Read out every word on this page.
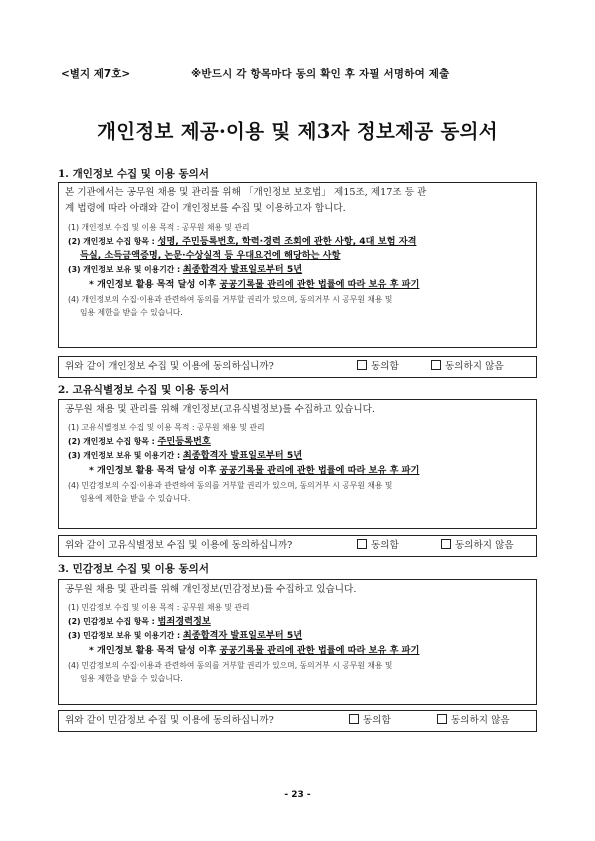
<별지 제7호>	※반드시 각 항목마다 동의 확인 후 자필 서명하여 제출
개인정보 제공·이용 및 제3자 정보제공 동의서
1. 개인정보 수집 및 이용 동의서
본 기관에서는 공무원 채용 및 관리를 위해 「개인정보 보호법」 제15조, 제17조 등 관
계 법령에 따라 아래와 같이 개인정보를 수집 및 이용하고자 합니다.
(1) 개인정보 수집 및 이용 목적 : 공무원 채용 및 관리
(2) 개인정보 수집 항목 : 성명, 주민등록번호, 학력·경력 조회에 관한 사항, 4대 보험 자격
득실, 소득금액증명, 논문·수상실적 등 우대요건에 해당하는 사항
(3) 개인정보 보유 및 이용기간 : 최종합격자 발표일로부터 5년
* 개인정보 활용 목적 달성 이후 공공기록물 관리에 관한 법률에 따라 보유 후 파기
(4) 개인정보의 수집·이용과 관련하여 동의를 거부할 권리가 있으며, 동의거부 시 공무원 채용 및
임용 제한을 받을 수 있습니다.
위와 같이 개인정보 수집 및 이용에 동의하십니까?	동의함	동의하지 않음
2. 고유식별정보 수집 및 이용 동의서
공무원 채용 및 관리를 위해 개인정보(고유식별정보)를 수집하고 있습니다.
(1) 고유식별정보 수집 및 이용 목적 : 공무원 채용 및 관리
(2) 개인정보 수집 항목 : 주민등록번호
(3) 개인정보 보유 및 이용기간 : 최종합격자 발표일로부터 5년
* 개인정보 활용 목적 달성 이후 공공기록물 관리에 관한 법률에 따라 보유 후 파기
(4) 민감정보의 수집·이용과 관련하여 동의를 거부할 권리가 있으며, 동의거부 시 공무원 채용 및
임용에 제한을 받을 수 있습니다.
위와 같이 고유식별정보 수집 및 이용에 동의하십니까?	동의함	동의하지 않음
3. 민감정보 수집 및 이용 동의서
공무원 채용 및 관리를 위해 개인정보(민감정보)를 수집하고 있습니다.
(1) 민감정보 수집 및 이용 목적 : 공무원 채용 및 관리
(2) 민감정보 수집 항목 : 범죄경력정보
(3) 민감정보 보유 및 이용기간 : 최종합격자 발표일로부터 5년
* 개인정보 활용 목적 달성 이후 공공기록물 관리에 관한 법률에 따라 보유 후 파기
(4) 민감정보의 수집·이용과 관련하여 동의를 거부할 권리가 있으며, 동의거부 시 공무원 채용 및
임용 제한을 받을 수 있습니다.
위와 같이 민감정보 수집 및 이용에 동의하십니까?	동의함	동의하지 않음
- 23 -
